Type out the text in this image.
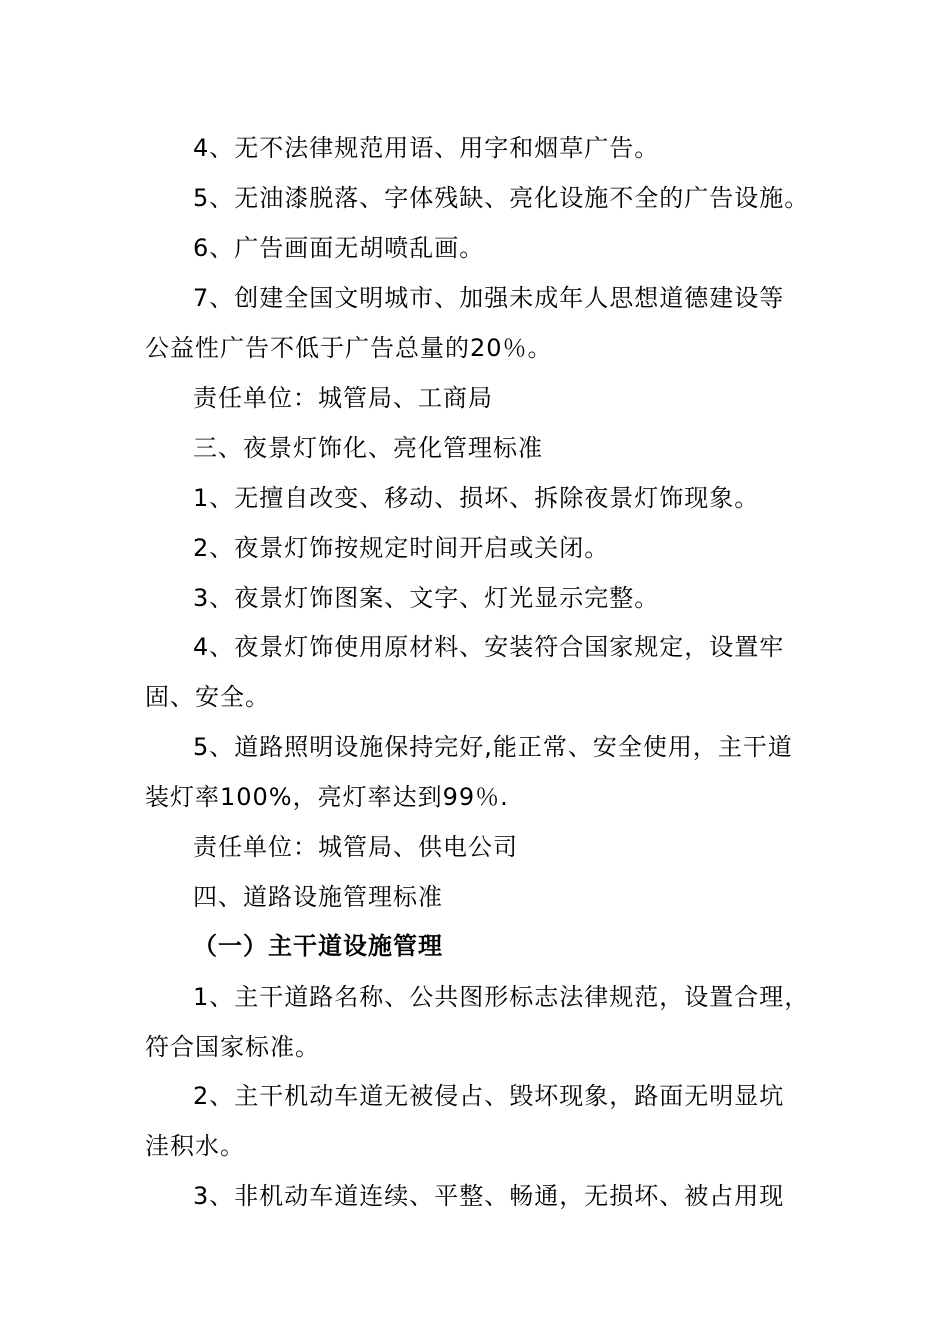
4、无不法律规范用语、用字和烟草广告。
5、无油漆脱落、字体残缺、亮化设施不全的广告设施。
6、广告画面无胡喷乱画。
7、创建全国文明城市、加强未成年人思想道德建设等
公益性广告不低于广告总量的20％。
责任单位：城管局、工商局
三、夜景灯饰化、亮化管理标准
1、无擅自改变、移动、损坏、拆除夜景灯饰现象。
2、夜景灯饰按规定时间开启或关闭。
3、夜景灯饰图案、文字、灯光显示完整。
4、夜景灯饰使用原材料、安装符合国家规定，设置牢
固、安全。
5、道路照明设施保持完好,能正常、安全使用，主干道
装灯率100%，亮灯率达到99％.
责任单位：城管局、供电公司
四、道路设施管理标准
（一）主干道设施管理
1、主干道路名称、公共图形标志法律规范，设置合理，
符合国家标准。
2、主干机动车道无被侵占、毁坏现象，路面无明显坑
洼积水。
3、非机动车道连续、平整、畅通，无损坏、被占用现
